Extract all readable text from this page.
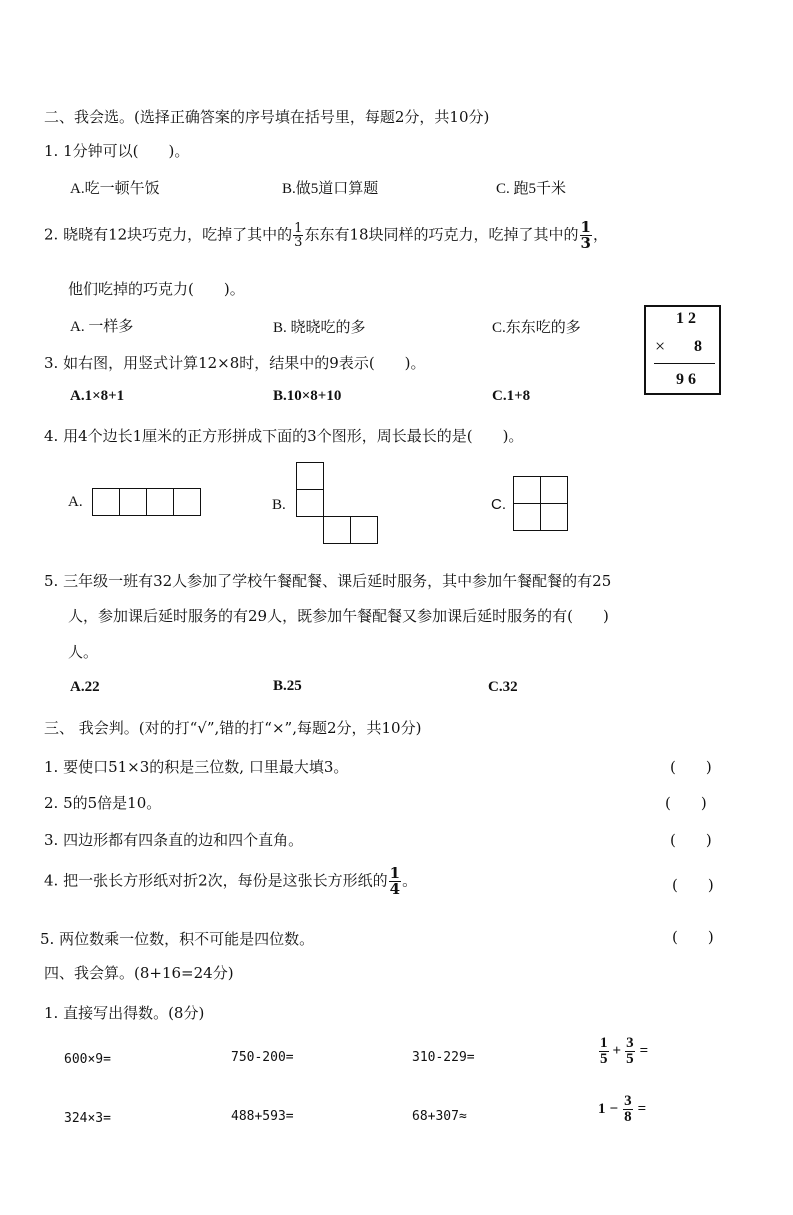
二、我会选。(选择正确答案的序号填在括号里，每题2分，共10分)
1. 1分钟可以(　　)。
A.吃一顿午饭	B.做5道口算题	C. 跑5千米
2. 晓晓有12块巧克力，吃掉了其中的 $\frac{1}{3}$ 东东有18块同样的巧克力，吃掉了其中的 $\frac{1}{3}$ ，
他们吃掉的巧克力(　　)。
A. 一样多	B. 晓晓吃的多	C.东东吃的多
1 2
× 8
9 6
3. 如右图，用竖式计算12×8时，结果中的9表示(　　)。
A.1×8+1	B.10×8+10	C.1+8
4. 用4个边长1厘米的正方形拼成下面的3个图形，周长最长的是(　　)。
A.	B.	C.
5. 三年级一班有32人参加了学校午餐配餐、课后延时服务，其中参加午餐配餐的有25
人，参加课后延时服务的有29人，既参加午餐配餐又参加课后延时服务的有(　　)
人。
A.22	B.25	C.32
三、 我会判。(对的打“√”,错的打“×”,每题2分，共10分)
1. 要使口51×3的积是三位数, 口里最大填3。	(　　)
2. 5的5倍是10。	(　　)
3. 四边形都有四条直的边和四个直角。	(　　)
4. 把一张长方形纸对折2次，每份是这张长方形纸的 $\frac{1}{4}$ 。	(　　)
5. 两位数乘一位数，积不可能是四位数。	(　　)
四、我会算。(8+16=24分)
1. 直接写出得数。(8分)
600×9=	750-200=	310-229=	$\frac{1}{5} + \frac{3}{5}$ =
324×3=	488+593=	68+307≈	$1 - \frac{3}{8}$ =
